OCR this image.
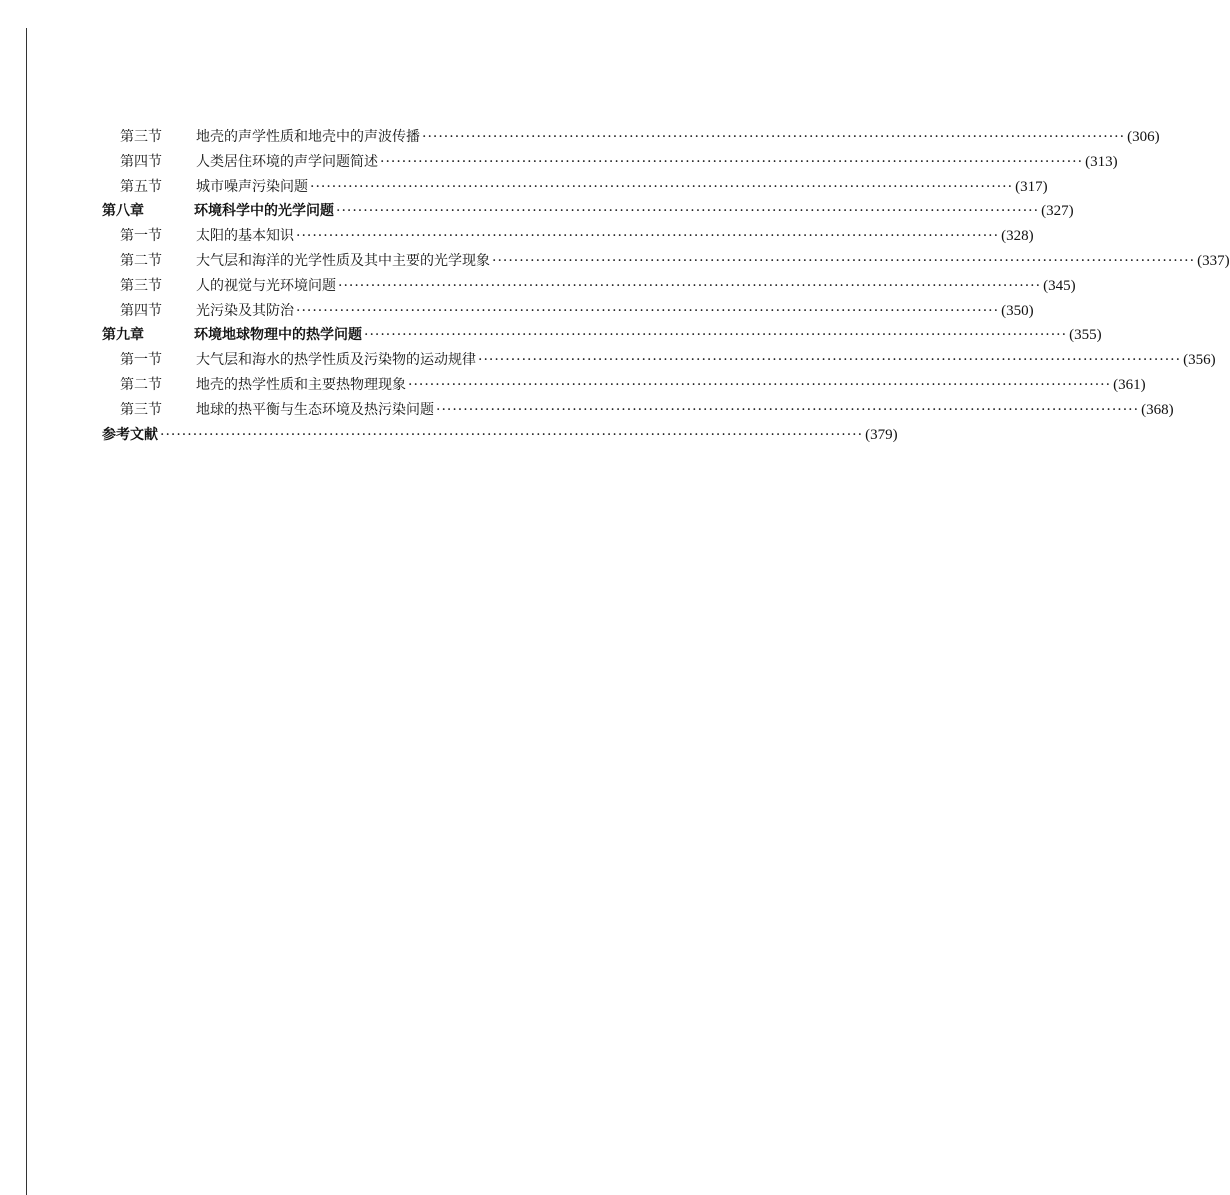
第三节	地壳的声学性质和地壳中的声波传播 ································································································································· (306)
第四节	人类居住环境的声学问题简述 ································································································································· (313)
第五节	城市噪声污染问题 ································································································································· (317)
第八章	环境科学中的光学问题 ································································································································· (327)
第一节	太阳的基本知识 ································································································································· (328)
第二节	大气层和海洋的光学性质及其中主要的光学现象 ································································································································· (337)
第三节	人的视觉与光环境问题 ································································································································· (345)
第四节	光污染及其防治 ································································································································· (350)
第九章	环境地球物理中的热学问题 ································································································································· (355)
第一节	大气层和海水的热学性质及污染物的运动规律 ································································································································· (356)
第二节	地壳的热学性质和主要热物理现象 ································································································································· (361)
第三节	地球的热平衡与生态环境及热污染问题 ································································································································· (368)
参考文献 ································································································································· (379)
